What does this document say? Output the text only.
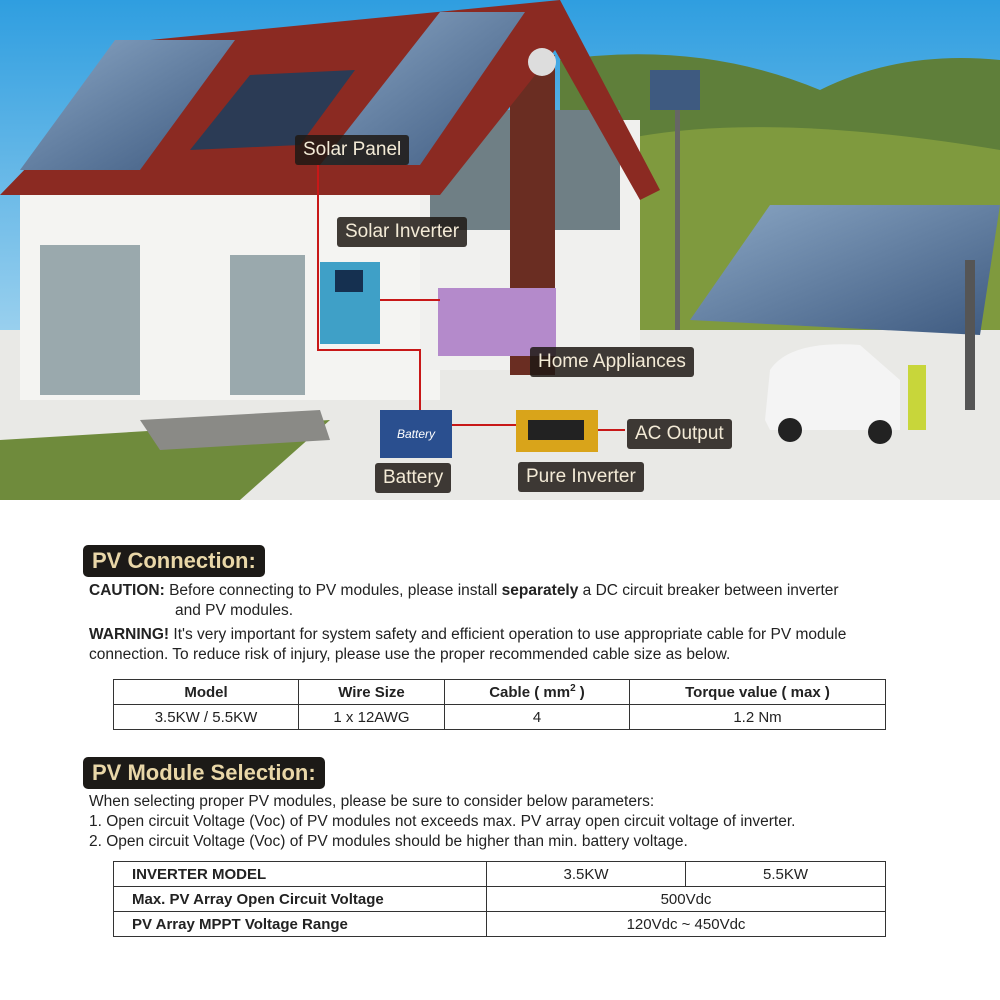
Battery
Solar Panel
Solar Inverter
Home Appliances
AC Output
Battery	Pure Inverter
PV Connection:
CAUTION: Before connecting to PV modules, please install separately a DC circuit breaker between inverter
and PV modules.
WARNING! It's very important for system safety and efficient operation to use appropriate cable for PV module connection. To reduce risk of injury, please use the proper recommended cable size as below.
Model	Wire Size	Cable ( $mm^2$ )	Torque value ( max )
3.5KW / 5.5KW	1 x 12AWG	4	1.2 Nm
PV Module Selection:
When selecting proper PV modules, please be sure to consider below parameters:
1. Open circuit Voltage (Voc) of PV modules not exceeds max. PV array open circuit voltage of inverter.
2. Open circuit Voltage (Voc) of PV modules should be higher than min. battery voltage.
INVERTER MODEL	3.5KW	5.5KW
Max. PV Array Open Circuit Voltage	500Vdc	
PV Array MPPT Voltage Range	120Vdc ~ 450Vdc	
